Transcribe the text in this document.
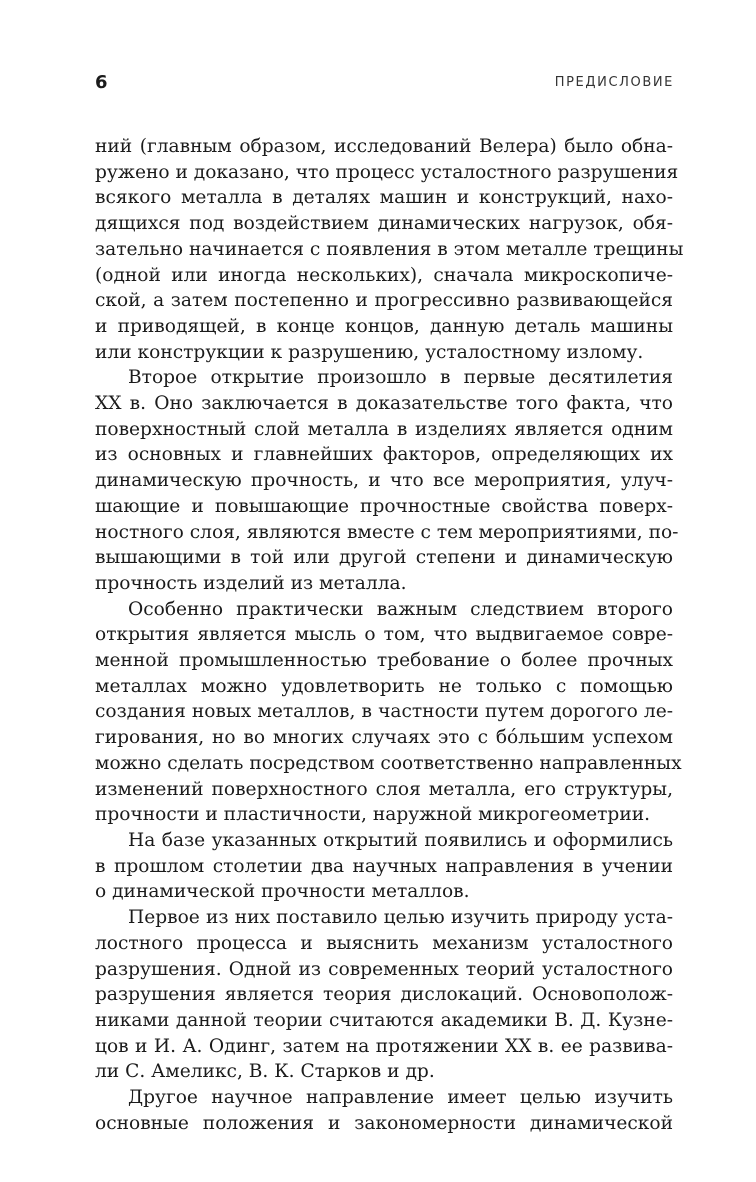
6	ПРЕДИСЛОВИЕ

ний (главным образом, исследований Велера) было обна-
ружено и доказано, что процесс усталостного разрушения
всякого металла в деталях машин и конструкций, нахо-
дящихся под воздействием динамических нагрузок, обя-
зательно начинается с появления в этом металле трещины
(одной или иногда нескольких), сначала микроскопиче-
ской, а затем постепенно и прогрессивно развивающейся
и приводящей, в конце концов, данную деталь машины
или конструкции к разрушению, усталостному излому.

Второе открытие произошло в первые десятилетия
XX в. Оно заключается в доказательстве того факта, что
поверхностный слой металла в изделиях является одним
из основных и главнейших факторов, определяющих их
динамическую прочность, и что все мероприятия, улуч-
шающие и повышающие прочностные свойства поверх-
ностного слоя, являются вместе с тем мероприятиями, по-
вышающими в той или другой степени и динамическую
прочность изделий из металла.

Особенно практически важным следствием второго
открытия является мысль о том, что выдвигаемое совре-
менной промышленностью требование о более прочных
металлах можно удовлетворить не только с помощью
создания новых металлов, в частности путем дорогого ле-
гирования, но во многих случаях это с бóльшим успехом
можно сделать посредством соответственно направленных
изменений поверхностного слоя металла, его структуры,
прочности и пластичности, наружной микрогеометрии.

На базе указанных открытий появились и оформились
в прошлом столетии два научных направления в учении
о динамической прочности металлов.

Первое из них поставило целью изучить природу уста-
лостного процесса и выяснить механизм усталостного
разрушения. Одной из современных теорий усталостного
разрушения является теория дислокаций. Основополож-
никами данной теории считаются академики В. Д. Кузне-
цов и И. А. Одинг, затем на протяжении XX в. ее развива-
ли С. Амеликс, В. К. Старков и др.

Другое научное направление имеет целью изучить
основные положения и закономерности динамической
